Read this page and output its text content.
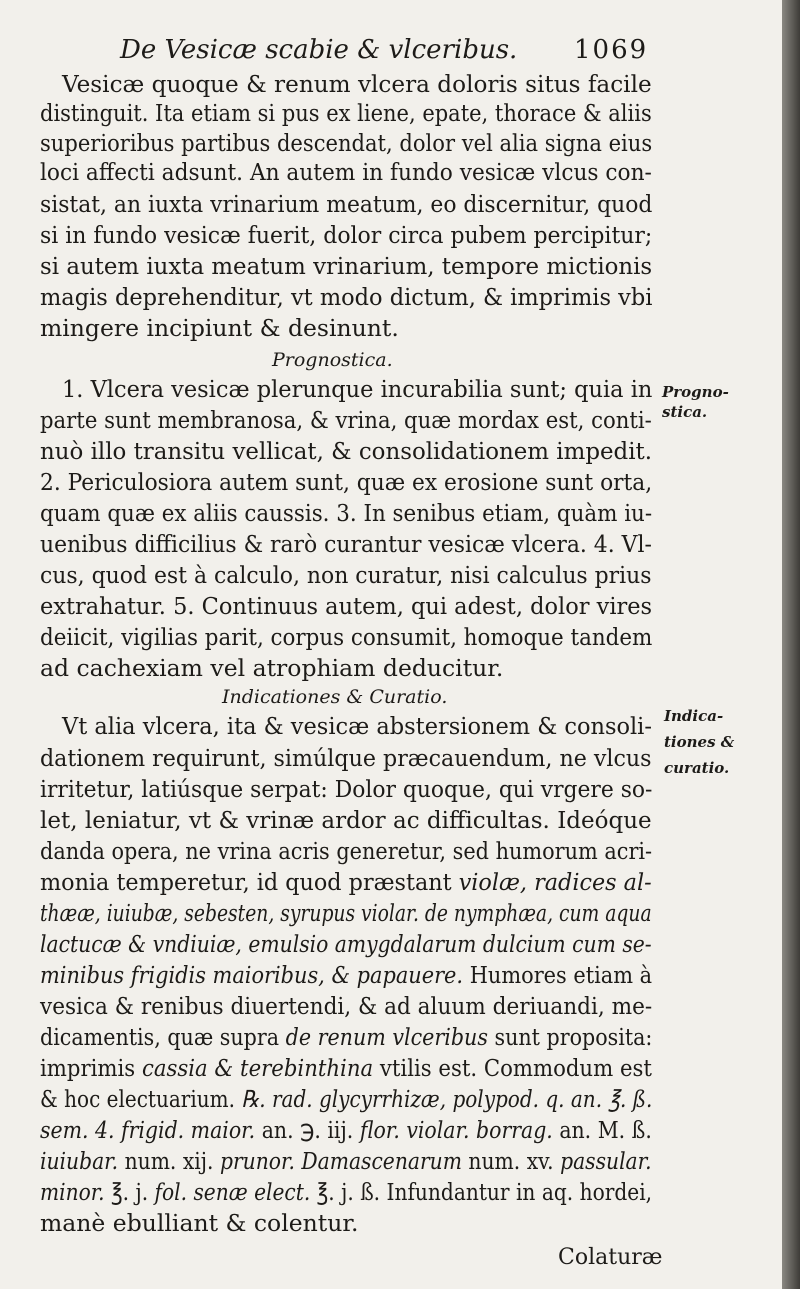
De Vesicæ scabie & vlceribus. 1069
Vesicæ quoque & renum vlcera doloris situs facile
distinguit. Ita etiam si pus ex liene, epate, thorace & aliis
superioribus partibus descendat, dolor vel alia signa eius
loci affecti adsunt. An autem in fundo vesicæ vlcus con-
sistat, an iuxta vrinarium meatum, eo discernitur, quod
si in fundo vesicæ fuerit, dolor circa pubem percipitur;
si autem iuxta meatum vrinarium, tempore mictionis
magis deprehenditur, vt modo dictum, & imprimis vbi
mingere incipiunt & desinunt.
Prognostica.
1. Vlcera vesicæ plerunque incurabilia sunt; quia in
parte sunt membranosa, & vrina, quæ mordax est, conti-
nuò illo transitu vellicat, & consolidationem impedit.
2. Periculosiora autem sunt, quæ ex erosione sunt orta,
quam quæ ex aliis caussis. 3. In senibus etiam, quàm iu-
uenibus difficilius & rarò curantur vesicæ vlcera. 4. Vl-
cus, quod est à calculo, non curatur, nisi calculus prius
extrahatur. 5. Continuus autem, qui adest, dolor vires
deiicit, vigilias parit, corpus consumit, homoque tandem
ad cachexiam vel atrophiam deducitur.
Indicationes & Curatio.
Vt alia vlcera, ita & vesicæ abstersionem & consoli-
dationem requirunt, simúlque præcauendum, ne vlcus
irritetur, latiúsque serpat: Dolor quoque, qui vrgere so-
let, leniatur, vt & vrinæ ardor ac difficultas. Ideóque
danda opera, ne vrina acris generetur, sed humorum acri-
monia temperetur, id quod præstant violæ, radices al-
thææ, iuiubæ, sebesten, syrupus violar. de nymphæa, cum aqua
lactucæ & vndiuiæ, emulsio amygdalarum dulcium cum se-
minibus frigidis maioribus, & papauere. Humores etiam à
vesica & renibus diuertendi, & ad aluum deriuandi, me-
dicamentis, quæ supra de renum vlceribus sunt proposita:
imprimis cassia & terebinthina vtilis est. Commodum est
& hoc electuarium. ℞. rad. glycyrrhizæ, polypod. q. an. ℥. ß.
sem. 4. frigid. maior. an. ℈. iij. flor. violar. borrag. an. M. ß.
iuiubar. num. xij. prunor. Damascenarum num. xv. passular.
minor. ℥. j. fol. senæ elect. ℥. j. ß. Infundantur in aq. hordei,
manè ebulliant & colentur.
Progno-
stica.
Indica-
tiones &
curatio.
Colaturæ
